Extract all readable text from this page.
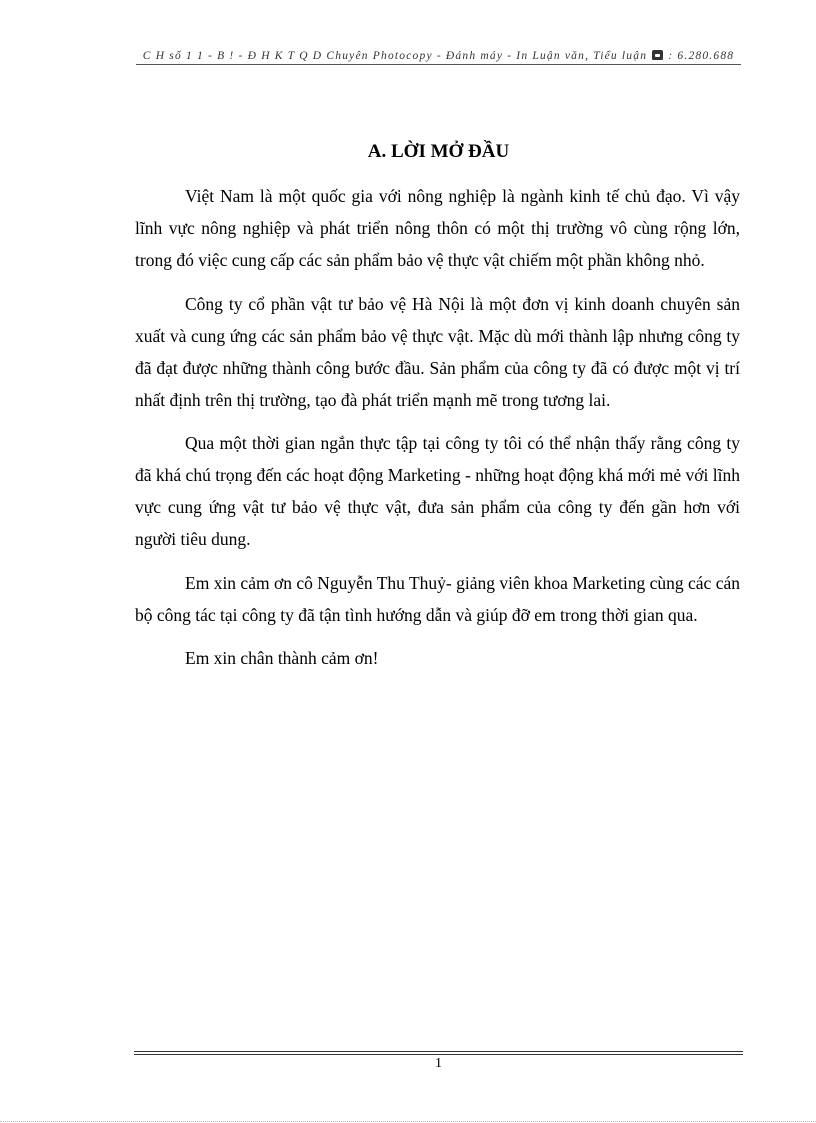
C H số 1 1 - B ! - Đ H K T Q D Chuyên Photocopy - Đánh máy - In Luận văn, Tiểu luận : 6.280.688
A. LỜI MỞ ĐẦU

Việt Nam là một quốc gia với nông nghiệp là ngành kinh tế chủ đạo. Vì vậy lĩnh vực nông nghiệp và phát triển nông thôn có một thị trường vô cùng rộng lớn, trong đó việc cung cấp các sản phẩm bảo vệ thực vật chiếm một phần không nhỏ.

Công ty cổ phần vật tư bảo vệ Hà Nội là một đơn vị kinh doanh chuyên sản xuất và cung ứng các sản phẩm bảo vệ thực vật. Mặc dù mới thành lập nhưng công ty đã đạt được những thành công bước đầu. Sản phẩm của công ty đã có được một vị trí nhất định trên thị trường, tạo đà phát triển mạnh mẽ trong tương lai.

Qua một thời gian ngắn thực tập tại công ty tôi có thể nhận thấy rằng công ty đã khá chú trọng đến các hoạt động Marketing - những hoạt động khá mới mẻ với lĩnh vực cung ứng vật tư bảo vệ thực vật, đưa sản phẩm của công ty đến gần hơn với người tiêu dung.

Em xin cảm ơn cô Nguyễn Thu Thuỷ- giảng viên khoa Marketing cùng các cán bộ công tác tại công ty đã tận tình hướng dẫn và giúp đỡ em trong thời gian qua.

Em xin chân thành cảm ơn!

1
